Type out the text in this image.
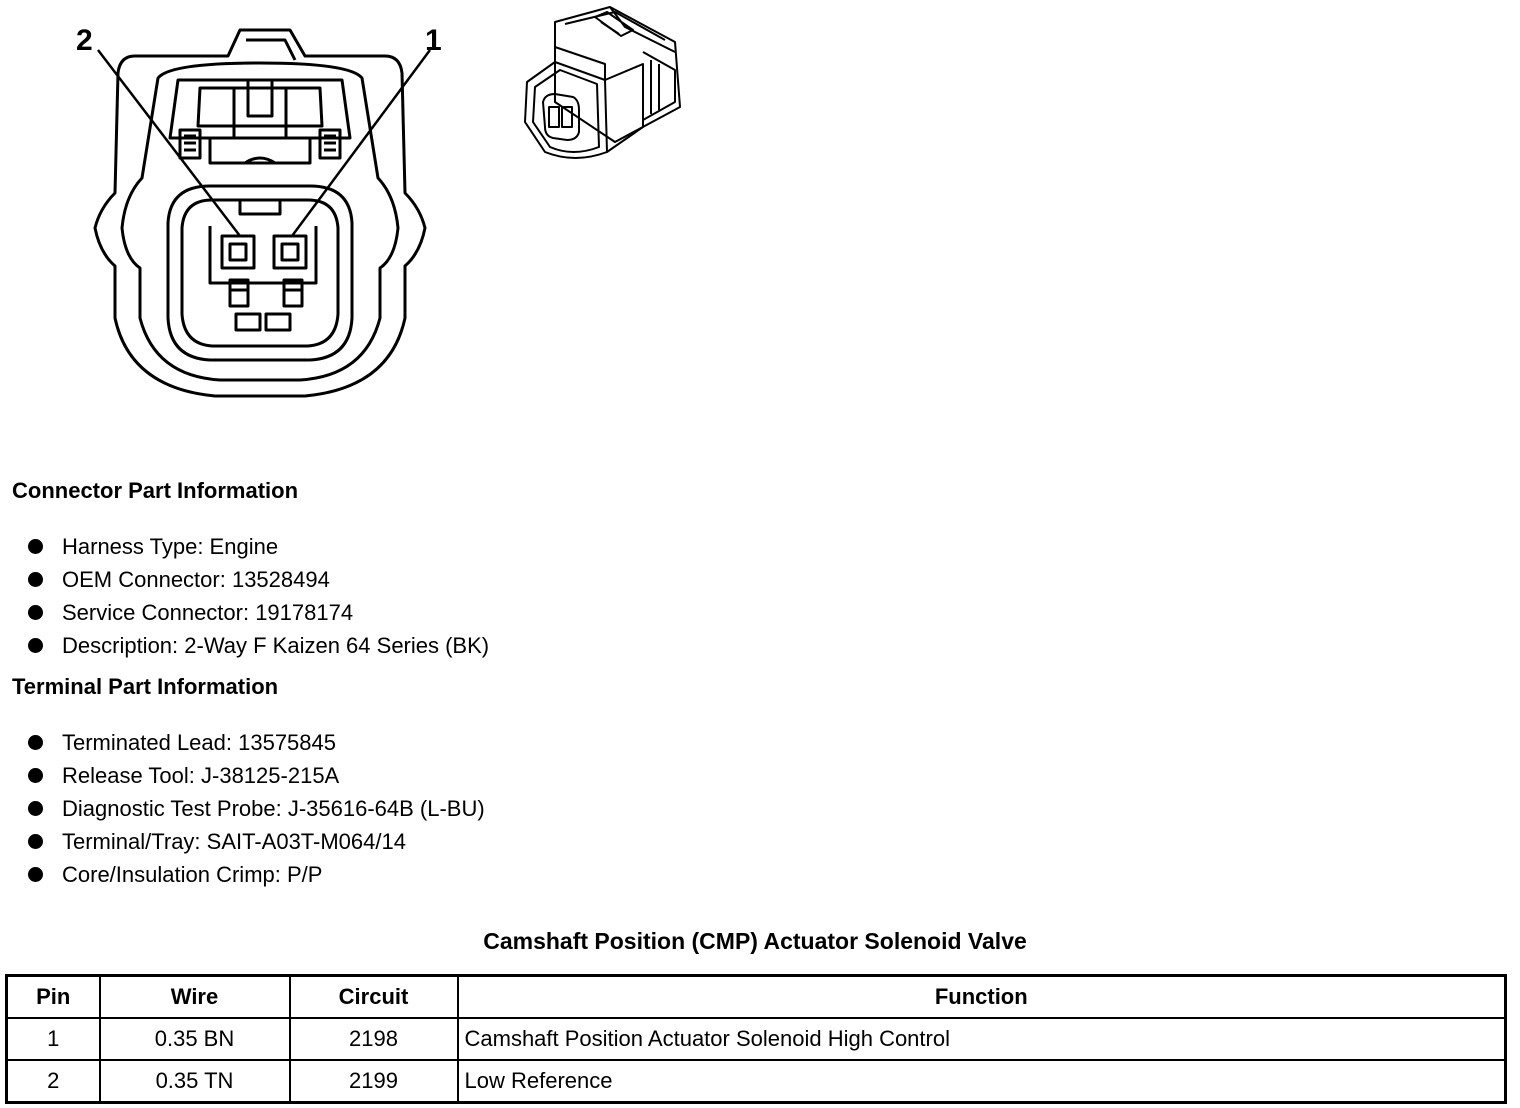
2	1
Connector Part Information
Harness Type: Engine
OEM Connector: 13528494
Service Connector: 19178174
Description: 2-Way F Kaizen 64 Series (BK)
Terminal Part Information
Terminated Lead: 13575845
Release Tool: J-38125-215A
Diagnostic Test Probe: J-35616-64B (L-BU)
Terminal/Tray: SAIT-A03T-M064/14
Core/Insulation Crimp: P/P
Camshaft Position (CMP) Actuator Solenoid Valve
Pin	Wire	Circuit	Function
1	0.35 BN	2198	Camshaft Position Actuator Solenoid High Control
2	0.35 TN	2199	Low Reference
